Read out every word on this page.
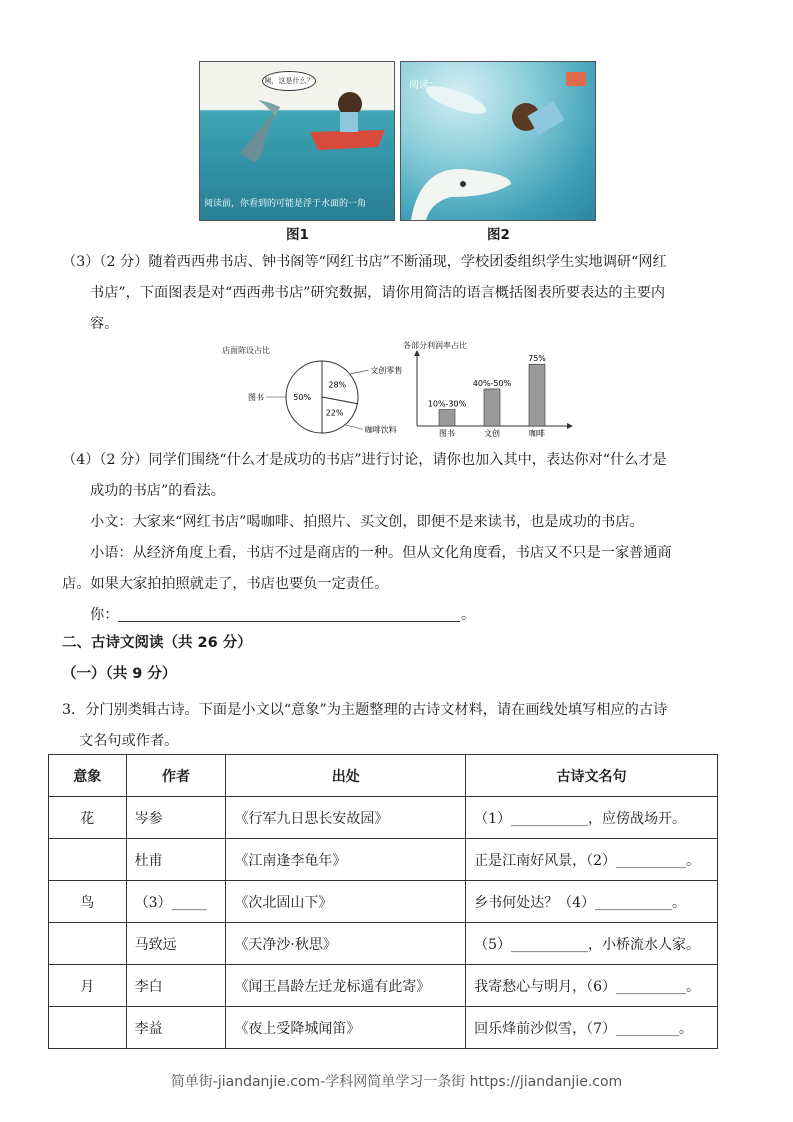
阅读前，你看到的可能是浮于水面的一角
咦，这是什么？
图1
阅读：
图2
（3）（2 分）随着西西弗书店、钟书阁等“网红书店”不断涌现，学校团委组织学生实地调研“网红
书店”，下面图表是对“西西弗书店”研究数据，请你用简洁的语言概括图表所要表达的主要内
容。
店面陈设占比
50%
图书
28%
文创零售
22%
咖啡饮料
各部分利润率占比
10%-30%
图书
40%-50%
文创
75%
咖啡
（4）（2 分）同学们围绕“什么才是成功的书店”进行讨论，请你也加入其中，表达你对“什么才是
成功的书店”的看法。
小文：大家来“网红书店”喝咖啡、拍照片、买文创，即便不是来读书，也是成功的书店。
小语：从经济角度上看，书店不过是商店的一种。但从文化角度看，书店又不只是一家普通商
店。如果大家拍拍照就走了，书店也要负一定责任。
你：	。
二、古诗文阅读（共 26 分）
（一）（共 9 分）
3．分门别类辑古诗。下面是小文以“意象”为主题整理的古诗文材料，请在画线处填写相应的古诗
文名句或作者。
意象	作者	出处	古诗文名句
花	岑参	《行军九日思长安故园》	（1）___________，应傍战场开。
	杜甫	《江南逢李龟年》	正是江南好风景，（2）__________。
鸟	（3）_____	《次北固山下》	乡书何处达？（4）___________。
	马致远	《天净沙·秋思》	（5）___________，小桥流水人家。
月	李白	《闻王昌龄左迁龙标遥有此寄》	我寄愁心与明月，（6）__________。
	李益	《夜上受降城闻笛》	回乐烽前沙似雪，（7）_________。
简单街-jiandanjie.com-学科网简单学习一条街 https://jiandanjie.com
